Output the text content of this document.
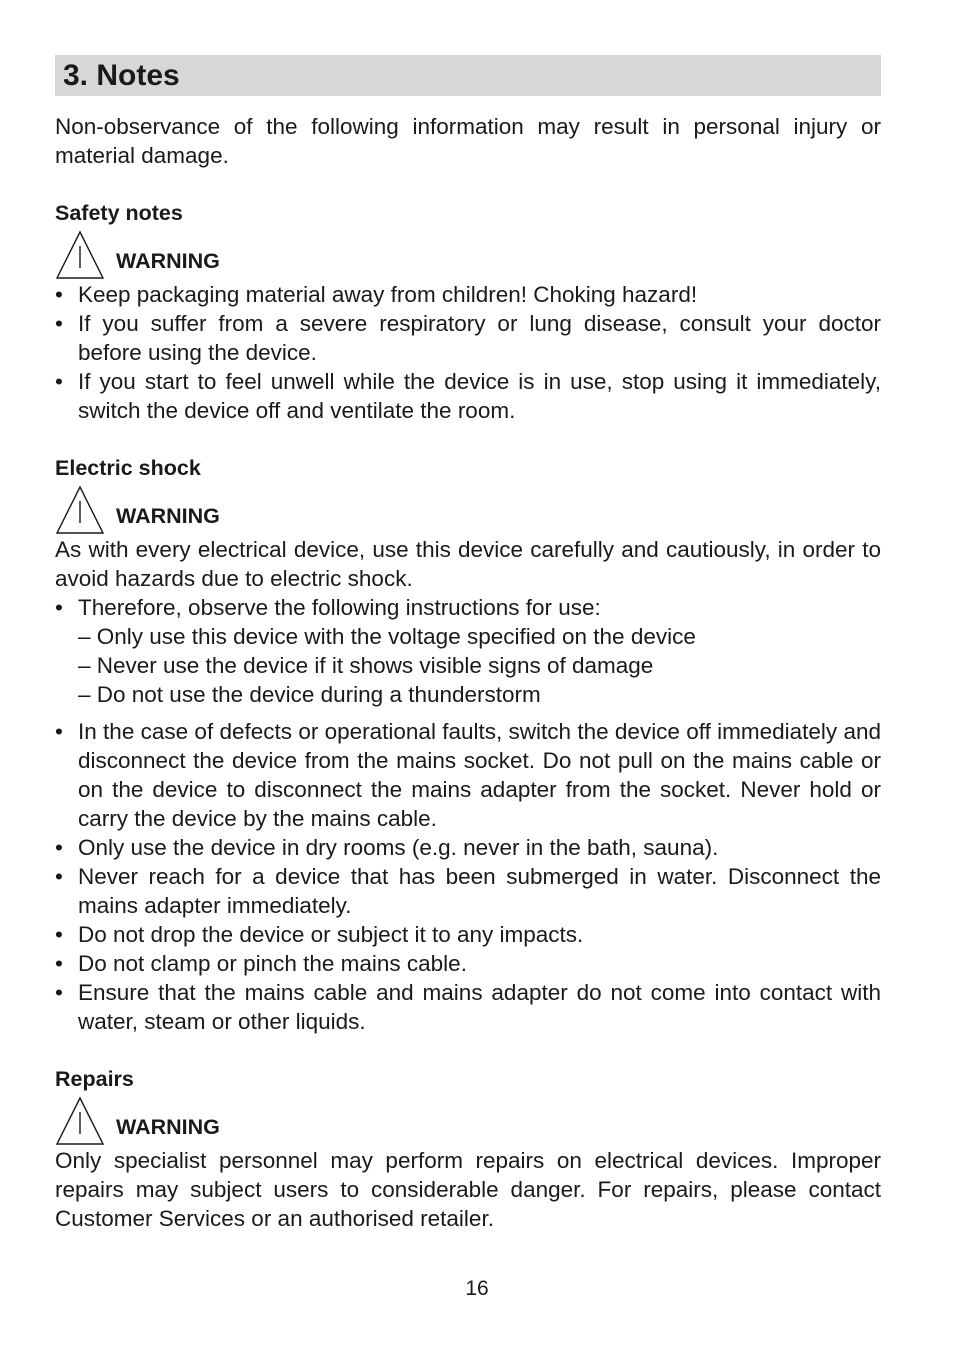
3. Notes

Non-observance of the following information may result in personal injury or material damage.

Safety notes
WARNING
• Keep packaging material away from children! Choking hazard!
• If you suffer from a severe respiratory or lung disease, consult your doctor before using the device.
• If you start to feel unwell while the device is in use, stop using it immediately, switch the device off and ventilate the room.
Electric shock
WARNING

As with every electrical device, use this device carefully and cautiously, in order to avoid hazards due to electric shock.

• Therefore, observe the following instructions for use:
– Only use this device with the voltage specified on the device
– Never use the device if it shows visible signs of damage
– Do not use the device during a thunderstorm
• In the case of defects or operational faults, switch the device off immediately and disconnect the device from the mains socket. Do not pull on the mains cable or on the device to disconnect the mains adapter from the socket. Never hold or carry the device by the mains cable.
• Only use the device in dry rooms (e.g. never in the bath, sauna).
• Never reach for a device that has been submerged in water. Disconnect the mains adapter immediately.
• Do not drop the device or subject it to any impacts.
• Do not clamp or pinch the mains cable.
• Ensure that the mains cable and mains adapter do not come into contact with water, steam or other liquids.
Repairs
WARNING

Only specialist personnel may perform repairs on electrical devices. Improper repairs may subject users to considerable danger. For repairs, please contact Customer Services or an authorised retailer.

16
